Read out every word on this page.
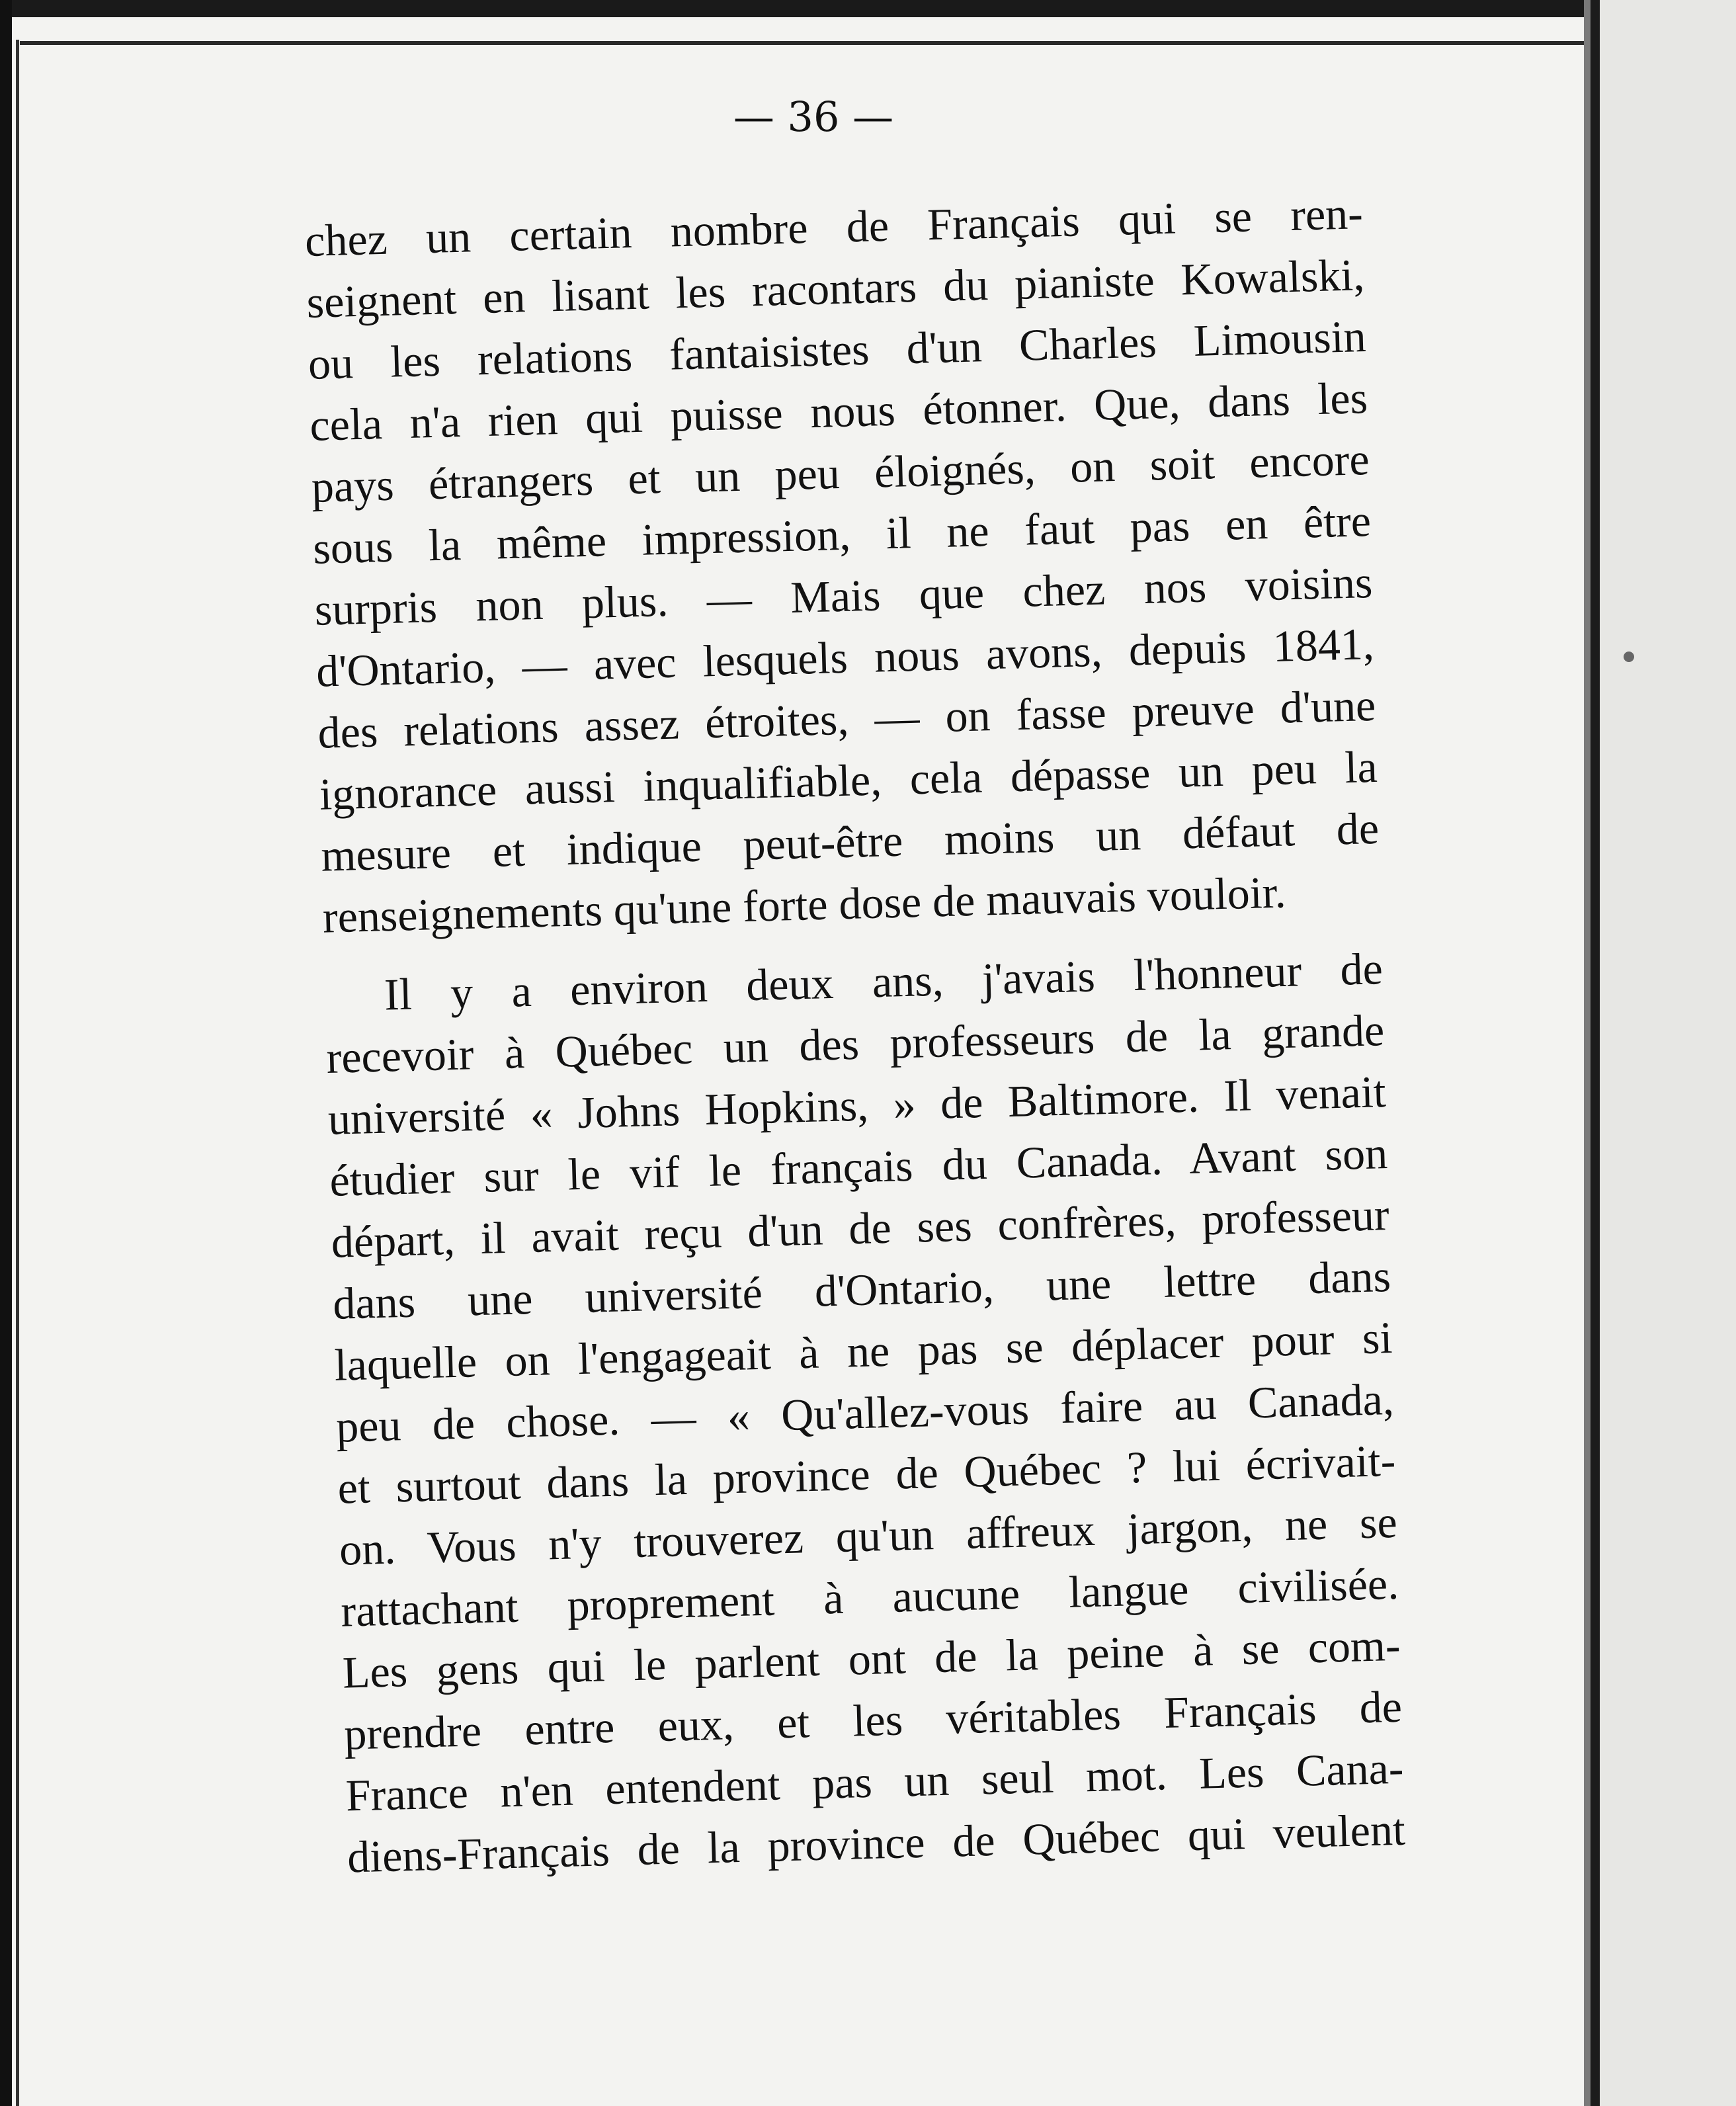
— 36 —
chez un certain nombre de Français qui se ren-
seignent en lisant les racontars du pianiste Kowalski,
ou les relations fantaisistes d'un Charles Limousin
cela n'a rien qui puisse nous étonner. Que, dans les
pays étrangers et un peu éloignés, on soit encore
sous la même impression, il ne faut pas en être
surpris non plus. — Mais que chez nos voisins
d'Ontario, — avec lesquels nous avons, depuis 1841,
des relations assez étroites, — on fasse preuve d'une
ignorance aussi inqualifiable, cela dépasse un peu la
mesure et indique peut-être moins un défaut de
renseignements qu'une forte dose de mauvais vouloir.
Il y a environ deux ans, j'avais l'honneur de
recevoir à Québec un des professeurs de la grande
université « Johns Hopkins, » de Baltimore. Il venait
étudier sur le vif le français du Canada. Avant son
départ, il avait reçu d'un de ses confrères, professeur
dans une université d'Ontario, une lettre dans
laquelle on l'engageait à ne pas se déplacer pour si
peu de chose. — « Qu'allez-vous faire au Canada,
et surtout dans la province de Québec ? lui écrivait-
on. Vous n'y trouverez qu'un affreux jargon, ne se
rattachant proprement à aucune langue civilisée.
Les gens qui le parlent ont de la peine à se com-
prendre entre eux, et les véritables Français de
France n'en entendent pas un seul mot. Les Cana-
diens-Français de la province de Québec qui veulent
